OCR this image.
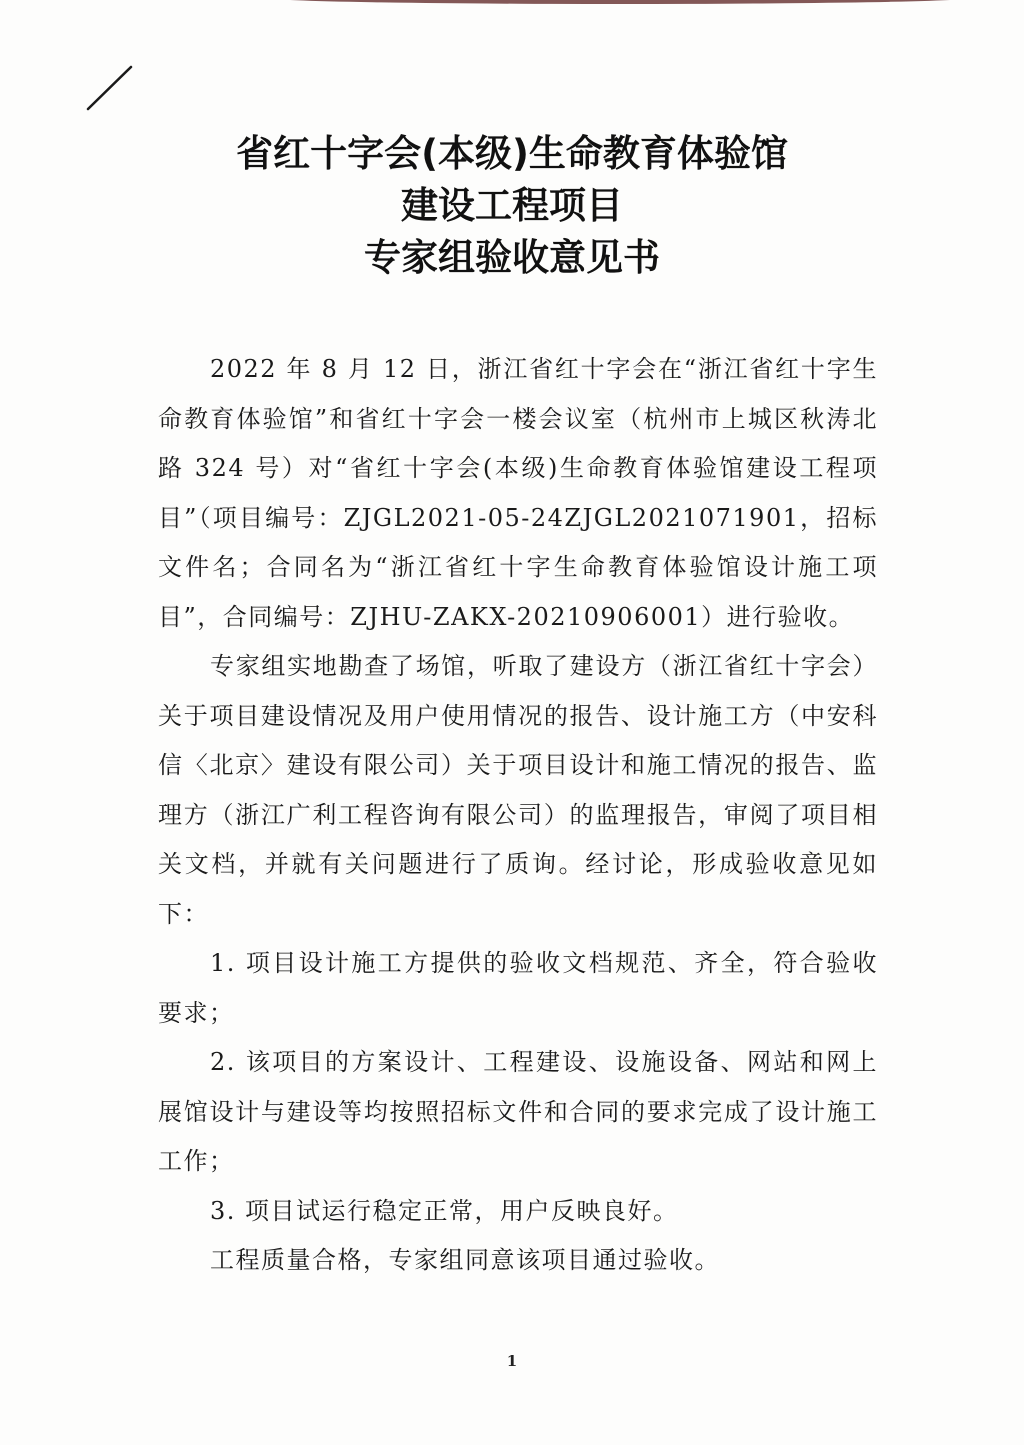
省红十字会(本级)生命教育体验馆
建设工程项目
专家组验收意见书

2022 年 8 月 12 日，浙江省红十字会在“浙江省红十字生命教育体验馆”和省红十字会一楼会议室（杭州市上城区秋涛北路 324 号）对“省红十字会(本级)生命教育体验馆建设工程项目”（项目编号：ZJGL2021-05-24ZJGL2021071901，招标文件名；合同名为“浙江省红十字生命教育体验馆设计施工项目”，合同编号：ZJHU-ZAKX-20210906001）进行验收。

专家组实地勘查了场馆，听取了建设方（浙江省红十字会）关于项目建设情况及用户使用情况的报告、设计施工方（中安科信〈北京〉建设有限公司）关于项目设计和施工情况的报告、监理方（浙江广利工程咨询有限公司）的监理报告，审阅了项目相关文档，并就有关问题进行了质询。经讨论，形成验收意见如下：

1. 项目设计施工方提供的验收文档规范、齐全，符合验收要求；

2. 该项目的方案设计、工程建设、设施设备、网站和网上展馆设计与建设等均按照招标文件和合同的要求完成了设计施工工作；

3. 项目试运行稳定正常，用户反映良好。

工程质量合格，专家组同意该项目通过验收。

1
